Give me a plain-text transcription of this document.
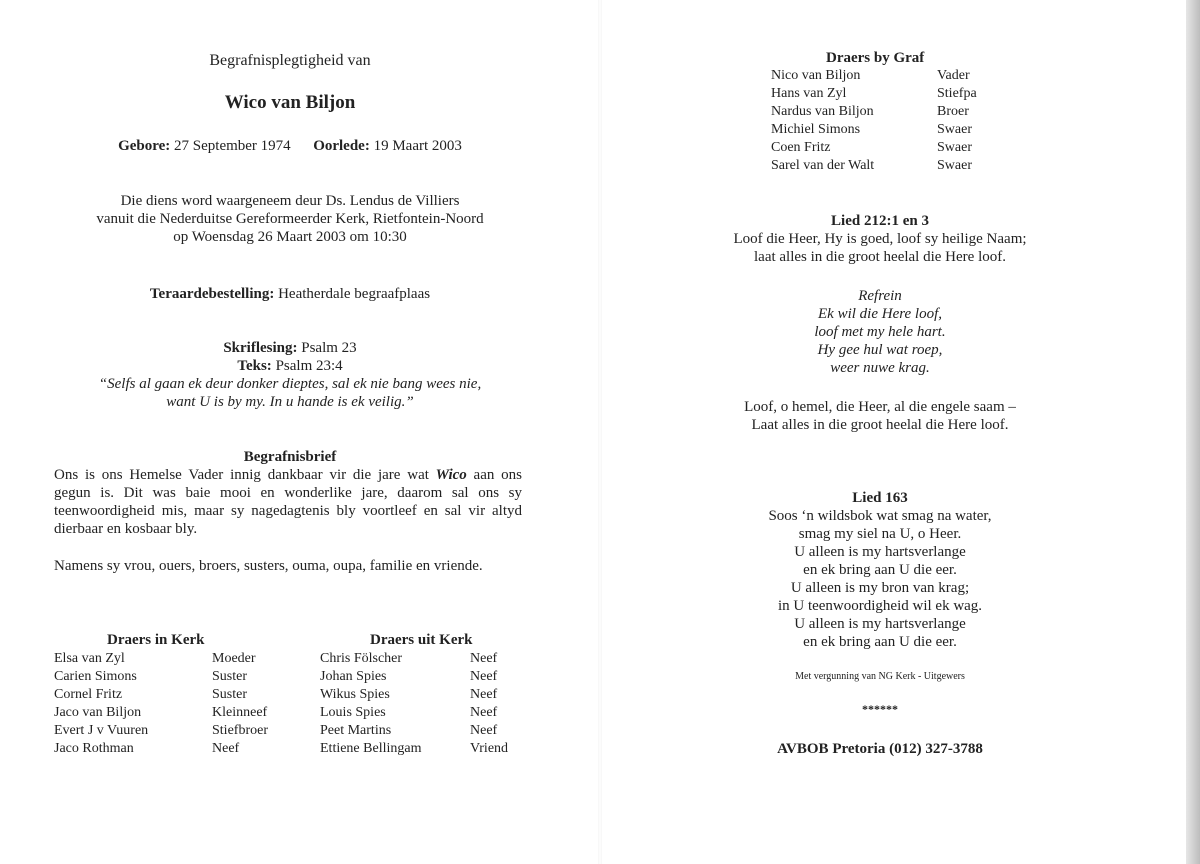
Begrafnisplegtigheid van
Wico van Biljon
Gebore: 27 September 1974 Oorlede: 19 Maart 2003
Die diens word waargeneem deur Ds. Lendus de Villiers
vanuit die Nederduitse Gereformeerder Kerk, Rietfontein-Noord
op Woensdag 26 Maart 2003 om 10:30
Teraardebestelling: Heatherdale begraafplaas
Skriflesing: Psalm 23
Teks: Psalm 23:4
“Selfs al gaan ek deur donker dieptes, sal ek nie bang wees nie,
want U is by my. In u hande is ek veilig.”
Begrafnisbrief
Ons is ons Hemelse Vader innig dankbaar vir die jare wat Wico aan ons gegun is. Dit was baie mooi en wonderlike jare, daarom sal ons sy teenwoordigheid mis, maar sy nagedagtenis bly voortleef en sal vir altyd dierbaar en kosbaar bly.
Namens sy vrou, ouers, broers, susters, ouma, oupa, familie en vriende.
Draers in Kerk
Elsa van Zyl	Moeder
Carien Simons	Suster
Cornel Fritz	Suster
Jaco van Biljon	Kleinneef
Evert J v Vuuren	Stiefbroer
Jaco Rothman	Neef
Draers uit Kerk
Chris Fölscher	Neef
Johan Spies	Neef
Wikus Spies	Neef
Louis Spies	Neef
Peet Martins	Neef
Ettiene Bellingam	Vriend
Draers by Graf
Nico van Biljon	Vader
Hans van Zyl	Stiefpa
Nardus van Biljon	Broer
Michiel Simons	Swaer
Coen Fritz	Swaer
Sarel van der Walt	Swaer
Lied 212:1 en 3
Loof die Heer, Hy is goed, loof sy heilige Naam;
laat alles in die groot heelal die Here loof.
Refrein
Ek wil die Here loof,
loof met my hele hart.
Hy gee hul wat roep,
weer nuwe krag.
Loof, o hemel, die Heer, al die engele saam –
Laat alles in die groot heelal die Here loof.
Lied 163
Soos ‘n wildsbok wat smag na water,
smag my siel na U, o Heer.
U alleen is my hartsverlange
en ek bring aan U die eer.
U alleen is my bron van krag;
in U teenwoordigheid wil ek wag.
U alleen is my hartsverlange
en ek bring aan U die eer.
Met vergunning van NG Kerk - Uitgewers
******
AVBOB Pretoria (012) 327-3788
